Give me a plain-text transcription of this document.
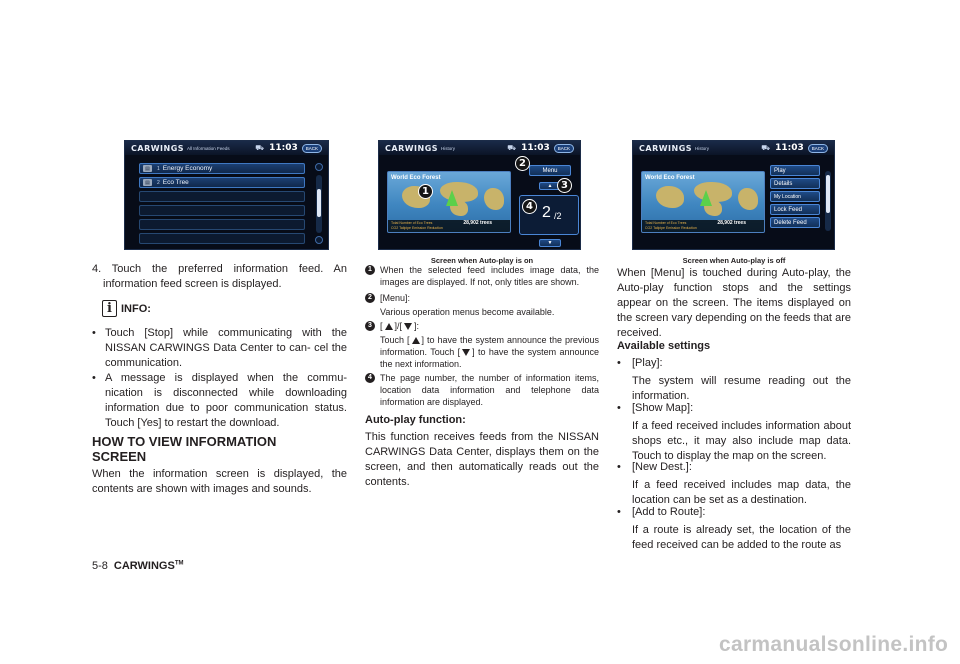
CARWINGS All Information Feeds	⛟ 11:03	BACK
▤	1 Energy Economy
▤	2 Eco Tree
CARWINGS History	⛟ 11:03	BACK
World Eco Forest
Total Number of Eco Trees
CO2 Tailpipe Emission Reduction
28,902 trees
Menu
▲
2 /2
▼
1
2
3
4
Screen when Auto-play is on
CARWINGS History	⛟ 11:03	BACK
World Eco Forest
Total Number of Eco Trees
CO2 Tailpipe Emission Reduction
28,902 trees
Play
Details
My Location
Lock Feed
Delete Feed
Screen when Auto-play is off
4. Touch the preferred information feed. An information feed screen is displayed.
i INFO:
• Touch [Stop] while communicating with the NISSAN CARWINGS Data Center to can- cel the communication.
• A message is displayed when the commu- nication is disconnected while downloading information due to poor communication status. Touch [Yes] to restart the download.
HOW TO VIEW INFORMATION SCREEN
When the information screen is displayed, the contents are shown with images and sounds.
1 When the selected feed includes image data, the images are displayed. If not, only titles are shown.
2 [Menu]:
Various operation menus become available.
3 [ ]/[ ]:
Touch [ ] to have the system announce the previous information. Touch [ ] to have the system announce the next information.
4 The page number, the number of information items, location data information and telephone data information are displayed.
Auto-play function:
This function receives feeds from the NISSAN CARWINGS Data Center, displays them on the screen, and then automatically reads out the contents.
When [Menu] is touched during Auto-play, the Auto-play function stops and the settings appear on the screen. The items displayed on the screen vary depending on the feeds that are received.
Available settings
• [Play]:
The system will resume reading out the information.
• [Show Map]:
If a feed received includes information about shops etc., it may also include map data. Touch to display the map on the screen.
• [New Dest.]:
If a feed received includes map data, the location can be set as a destination.
• [Add to Route]:
If a route is already set, the location of the feed received can be added to the route as
5-8 CARWINGS™
carmanualsonline.info
